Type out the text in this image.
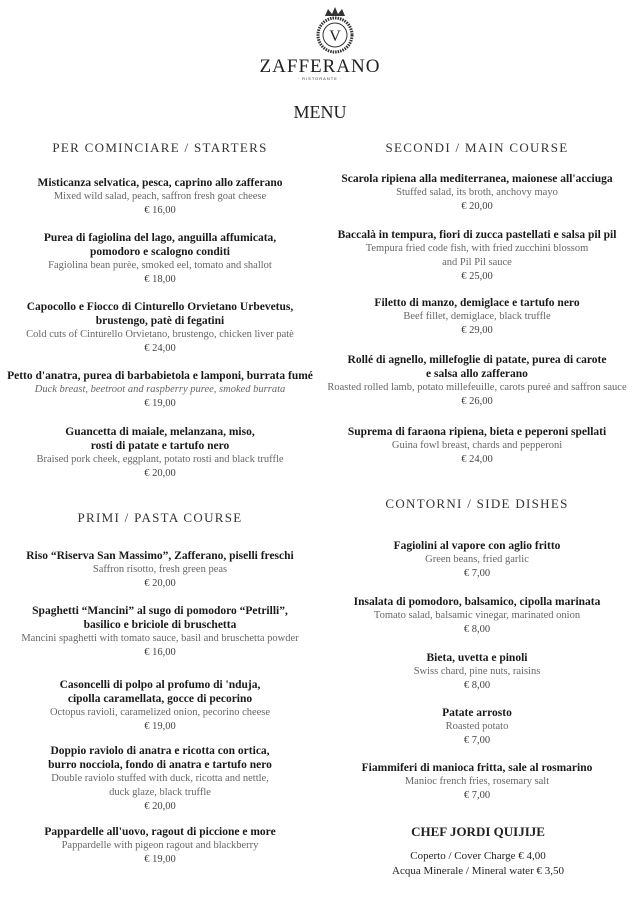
V
ZAFFERANO
· RISTORANTE ·
MENU
PER COMINCIARE / STARTERS
Misticanza selvatica, pesca, caprino allo zafferano
Mixed wild salad, peach, saffron fresh goat cheese
€ 16,00
Purea di fagiolina del lago, anguilla affumicata,
pomodoro e scalogno conditi
Fagiolina bean purèe, smoked eel, tomato and shallot
€ 18,00
Capocollo e Fiocco di Cinturello Orvietano Urbevetus,
brustengo, patè di fegatini
Cold cuts of Cinturello Orvietano, brustengo, chicken liver patè
€ 24,00
Petto d'anatra, purea di barbabietola e lamponi, burrata fumé
Duck breast, beetroot and raspberry puree, smoked burrata
€ 19,00
Guancetta di maiale, melanzana, miso,
rosti di patate e tartufo nero
Braised pork cheek, eggplant, potato rosti and black truffle
€ 20,00
PRIMI / PASTA COURSE
Riso “Riserva San Massimo”, Zafferano, piselli freschi
Saffron risotto, fresh green peas
€ 20,00
Spaghetti “Mancini” al sugo di pomodoro “Petrilli”,
basilico e briciole di bruschetta
Mancini spaghetti with tomato sauce, basil and bruschetta powder
€ 16,00
Casoncelli di polpo al profumo di 'nduja,
cipolla caramellata, gocce di pecorino
Octopus ravioli, caramelized onion, pecorino cheese
€ 19,00
Doppio raviolo di anatra e ricotta con ortica,
burro nocciola, fondo di anatra e tartufo nero
Double raviolo stuffed with duck, ricotta and nettle,
duck glaze, black truffle
€ 20,00
Pappardelle all'uovo, ragout di piccione e more
Pappardelle with pigeon ragout and blackberry
€ 19,00
SECONDI / MAIN COURSE
Scarola ripiena alla mediterranea, maionese all'acciuga
Stuffed salad, its broth, anchovy mayo
€ 20,00
Baccalà in tempura, fiori di zucca pastellati e salsa pil pil
Tempura fried code fish, with fried zucchini blossom
and Pil Pil sauce
€ 25,00
Filetto di manzo, demiglace e tartufo nero
Beef fillet, demiglace, black truffle
€ 29,00
Rollé di agnello, millefoglie di patate, purea di carote
e salsa allo zafferano
Roasted rolled lamb, potato millefeuille, carots pureé and saffron sauce
€ 26,00
Suprema di faraona ripiena, bieta e peperoni spellati
Guina fowl breast, chards and pepperoni
€ 24,00
CONTORNI / SIDE DISHES
Fagiolini al vapore con aglio fritto
Green beans, fried garlic
€ 7,00
Insalata di pomodoro, balsamico, cipolla marinata
Tomato salad, balsamic vinegar, marinated onion
€ 8,00
Bieta, uvetta e pinoli
Swiss chard, pine nuts, raisins
€ 8,00
Patate arrosto
Roasted potato
€ 7,00
Fiammiferi di manioca fritta, sale al rosmarino
Manioc french fries, rosemary salt
€ 7,00
CHEF JORDI QUIJIJE
Coperto / Cover Charge € 4,00
Acqua Minerale / Mineral water € 3,50
